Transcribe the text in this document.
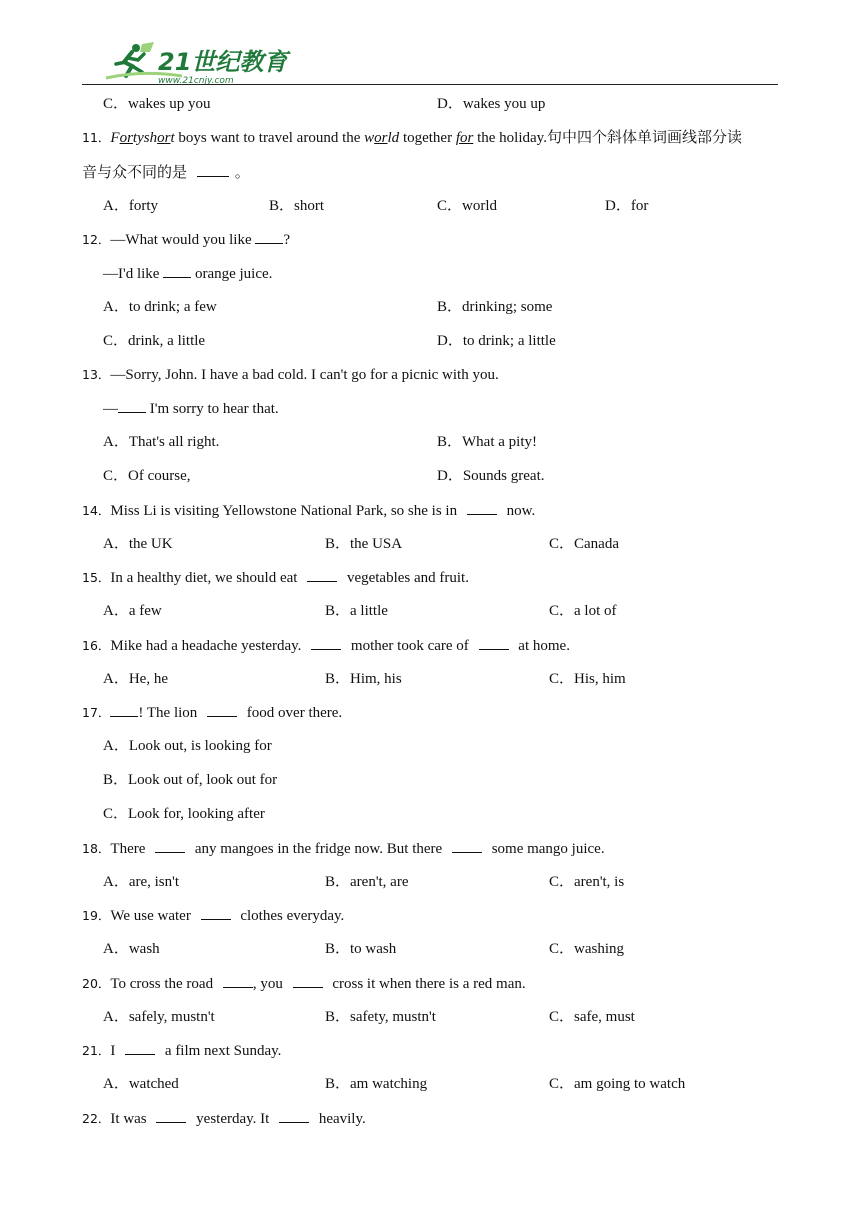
21世纪教育
www.21cnjy.com
C．wakes up you	D．wakes you up
11．Fortyshort boys want to travel around the world together for the holiday.句中四个斜体单词画线部分读
音与众不同的是	。
A．forty	B．short	C．world	D．for
12．—What would you like ?
—I'd like  orange juice.
A．to drink; a few	B．drinking; some
C．drink, a little	D．to drink; a little
13．—Sorry, John. I have a bad cold. I can't go for a picnic with you.
— I'm sorry to hear that.
A．That's all right.	B．What a pity!
C．Of course,	D．Sounds great.
14．Miss Li is visiting Yellowstone National Park, so she is in	now.
A．the UK	B．the USA	C．Canada
15．In a healthy diet, we should eat	vegetables and fruit.
A．a few	B．a little	C．a lot of
16．Mike had a headache yesterday.	mother took care of	at home.
A．He, he	B．Him, his	C．His, him
17． ! The lion	food over there.
A．Look out, is looking for
B．Look out of, look out for
C．Look for, looking after
18．There	any mangoes in the fridge now. But there	some mango juice.
A．are, isn't	B．aren't, are	C．aren't, is
19．We use water	clothes everyday.
A．wash	B．to wash	C．washing
20．To cross the road , you	cross it when there is a red man.
A．safely, mustn't	B．safety, mustn't	C．safe, must
21．I	a film next Sunday.
A．watched	B．am watching	C．am going to watch
22．It was	yesterday. It	heavily.
